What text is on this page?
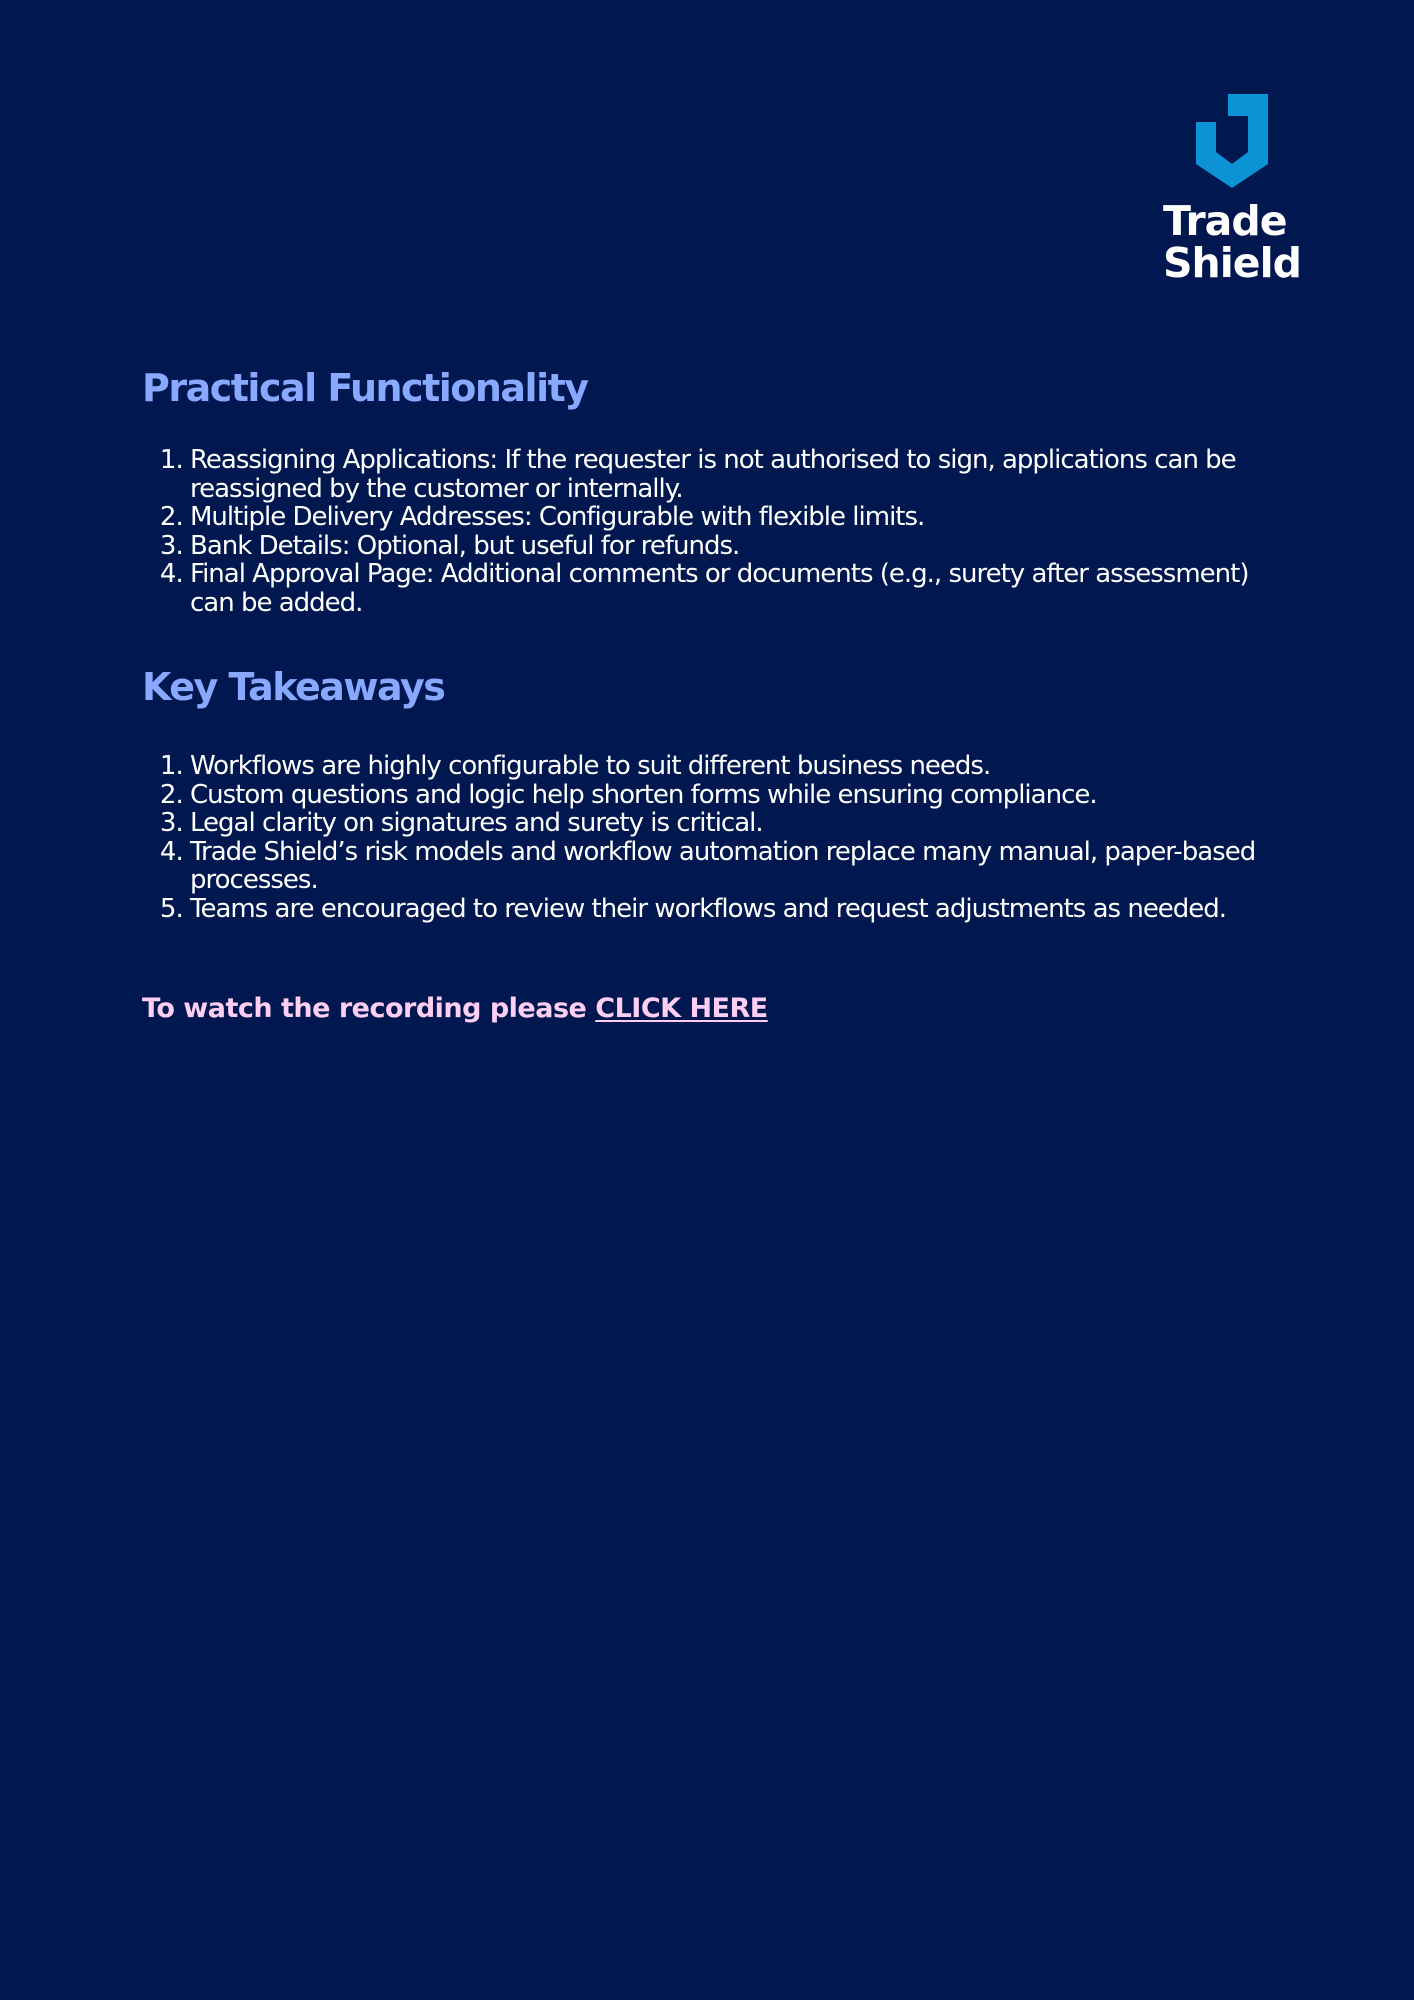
Trade
Shield
Practical Functionality
1. Reassigning Applications: If the requester is not authorised to sign, applications can be reassigned by the customer or internally.
2. Multiple Delivery Addresses: Configurable with flexible limits.
3. Bank Details: Optional, but useful for refunds.
4. Final Approval Page: Additional comments or documents (e.g., surety after assessment) can be added.
Key Takeaways
1. Workflows are highly configurable to suit different business needs.
2. Custom questions and logic help shorten forms while ensuring compliance.
3. Legal clarity on signatures and surety is critical.
4. Trade Shield’s risk models and workflow automation replace many manual, paper-based processes.
5. Teams are encouraged to review their workflows and request adjustments as needed.
To watch the recording please CLICK HERE
